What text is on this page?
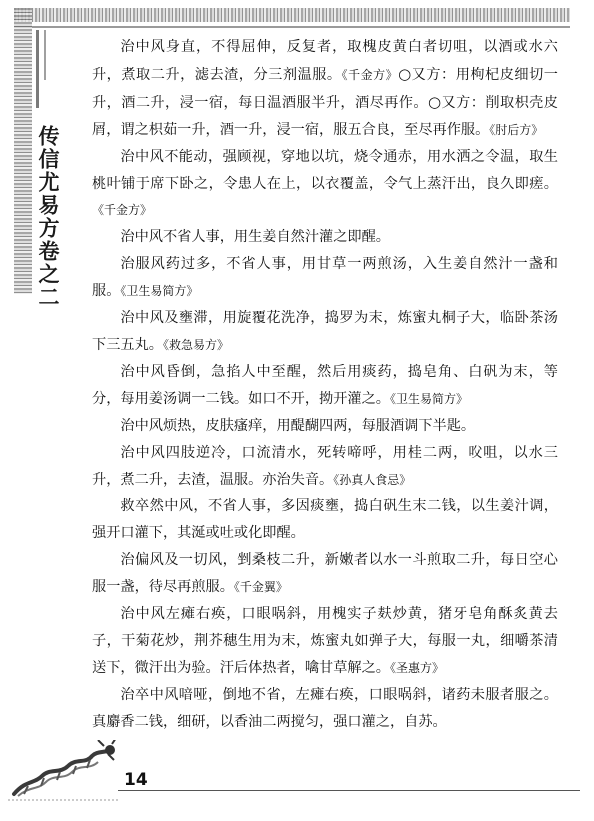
传信尤易方卷之二

治中风身直，不得屈伸，反复者，取槐皮黄白者切咀，以酒或水六升，煮取二升，滤去渣，分三剂温服。《千金方》○又方：用枸杞皮细切一升，酒二升，浸一宿，每日温酒服半升，酒尽再作。○又方：削取枳壳皮屑，谓之枳茹一升，酒一升，浸一宿，服五合良，至尽再作服。《肘后方》

治中风不能动，强顾视，穿地以坑，烧令通赤，用水洒之令温，取生桃叶铺于席下卧之，令患人在上，以衣覆盖，令气上蒸汗出，良久即瘥。《千金方》

治中风不省人事，用生姜自然汁灌之即醒。

治服风药过多，不省人事，用甘草一两煎汤，入生姜自然汁一盏和服。《卫生易简方》

治中风及壅滞，用旋覆花洗净，捣罗为末，炼蜜丸桐子大，临卧茶汤下三五丸。《救急易方》

治中风昏倒，急掐人中至醒，然后用痰药，捣皂角、白矾为末，等分，每用姜汤调一二钱。如口不开，拗开灌之。《卫生易简方》

治中风烦热，皮肤瘙痒，用醍醐四两，每服酒调下半匙。

治中风四肢逆冷，口流清水，死转啼呼，用桂二两，㕮咀，以水三升，煮二升，去渣，温服。亦治失音。《孙真人食忌》

救卒然中风，不省人事，多因痰壅，捣白矾生末二钱，以生姜汁调，强开口灌下，其涎或吐或化即醒。

治偏风及一切风，剉桑枝二升，新嫩者以水一斗煎取二升，每日空心服一盏，待尽再煎服。《千金翼》

治中风左瘫右痪，口眼㖞斜，用槐实子麸炒黄，猪牙皂角酥炙黄去子，干菊花炒，荆芥穗生用为末，炼蜜丸如弹子大，每服一丸，细嚼茶清送下，微汗出为验。汗后体热者，噙甘草解之。《圣惠方》

治卒中风喑哑，倒地不省，左瘫右痪，口眼㖞斜，诸药未服者服之。真麝香二钱，细研，以香油二两搅匀，强口灌之，自苏。

14
